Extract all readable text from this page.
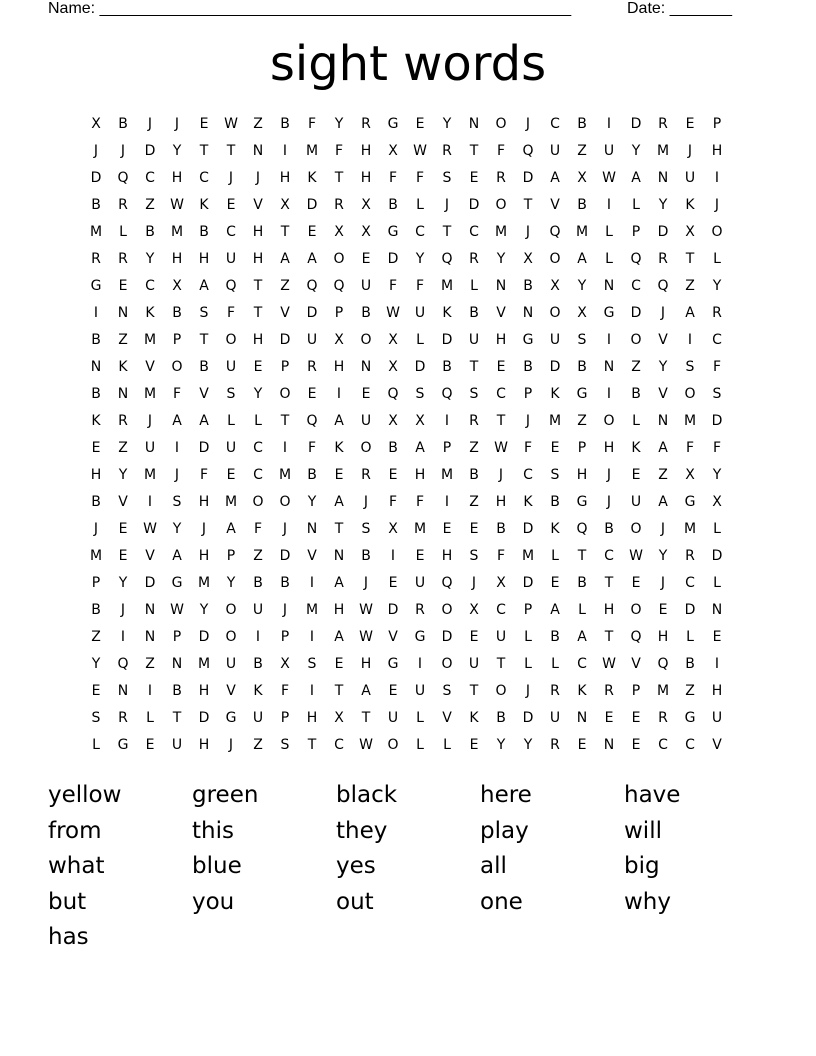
Name: _____________________________________________________	Date: _______
sight words
X	B	J	J	E	W	Z	B	F	Y	R	G	E	Y	N	O	J	C	B	I	D	R	E	P
J	J	D	Y	T	T	N	I	M	F	H	X	W	R	T	F	Q	U	Z	U	Y	M	J	H
D	Q	C	H	C	J	J	H	K	T	H	F	F	S	E	R	D	A	X	W	A	N	U	I
B	R	Z	W	K	E	V	X	D	R	X	B	L	J	D	O	T	V	B	I	L	Y	K	J
M	L	B	M	B	C	H	T	E	X	X	G	C	T	C	M	J	Q	M	L	P	D	X	O
R	R	Y	H	H	U	H	A	A	O	E	D	Y	Q	R	Y	X	O	A	L	Q	R	T	L
G	E	C	X	A	Q	T	Z	Q	Q	U	F	F	M	L	N	B	X	Y	N	C	Q	Z	Y
I	N	K	B	S	F	T	V	D	P	B	W	U	K	B	V	N	O	X	G	D	J	A	R
B	Z	M	P	T	O	H	D	U	X	O	X	L	D	U	H	G	U	S	I	O	V	I	C
N	K	V	O	B	U	E	P	R	H	N	X	D	B	T	E	B	D	B	N	Z	Y	S	F
B	N	M	F	V	S	Y	O	E	I	E	Q	S	Q	S	C	P	K	G	I	B	V	O	S
K	R	J	A	A	L	L	T	Q	A	U	X	X	I	R	T	J	M	Z	O	L	N	M	D
E	Z	U	I	D	U	C	I	F	K	O	B	A	P	Z	W	F	E	P	H	K	A	F	F
H	Y	M	J	F	E	C	M	B	E	R	E	H	M	B	J	C	S	H	J	E	Z	X	Y
B	V	I	S	H	M	O	O	Y	A	J	F	F	I	Z	H	K	B	G	J	U	A	G	X
J	E	W	Y	J	A	F	J	N	T	S	X	M	E	E	B	D	K	Q	B	O	J	M	L
M	E	V	A	H	P	Z	D	V	N	B	I	E	H	S	F	M	L	T	C	W	Y	R	D
P	Y	D	G	M	Y	B	B	I	A	J	E	U	Q	J	X	D	E	B	T	E	J	C	L
B	J	N	W	Y	O	U	J	M	H	W	D	R	O	X	C	P	A	L	H	O	E	D	N
Z	I	N	P	D	O	I	P	I	A	W	V	G	D	E	U	L	B	A	T	Q	H	L	E
Y	Q	Z	N	M	U	B	X	S	E	H	G	I	O	U	T	L	L	C	W	V	Q	B	I
E	N	I	B	H	V	K	F	I	T	A	E	U	S	T	O	J	R	K	R	P	M	Z	H
S	R	L	T	D	G	U	P	H	X	T	U	L	V	K	B	D	U	N	E	E	R	G	U
L	G	E	U	H	J	Z	S	T	C	W	O	L	L	E	Y	Y	R	E	N	E	C	C	V
yellow	green	black	here	have
from	this	they	play	will
what	blue	yes	all	big
but	you	out	one	why
has
